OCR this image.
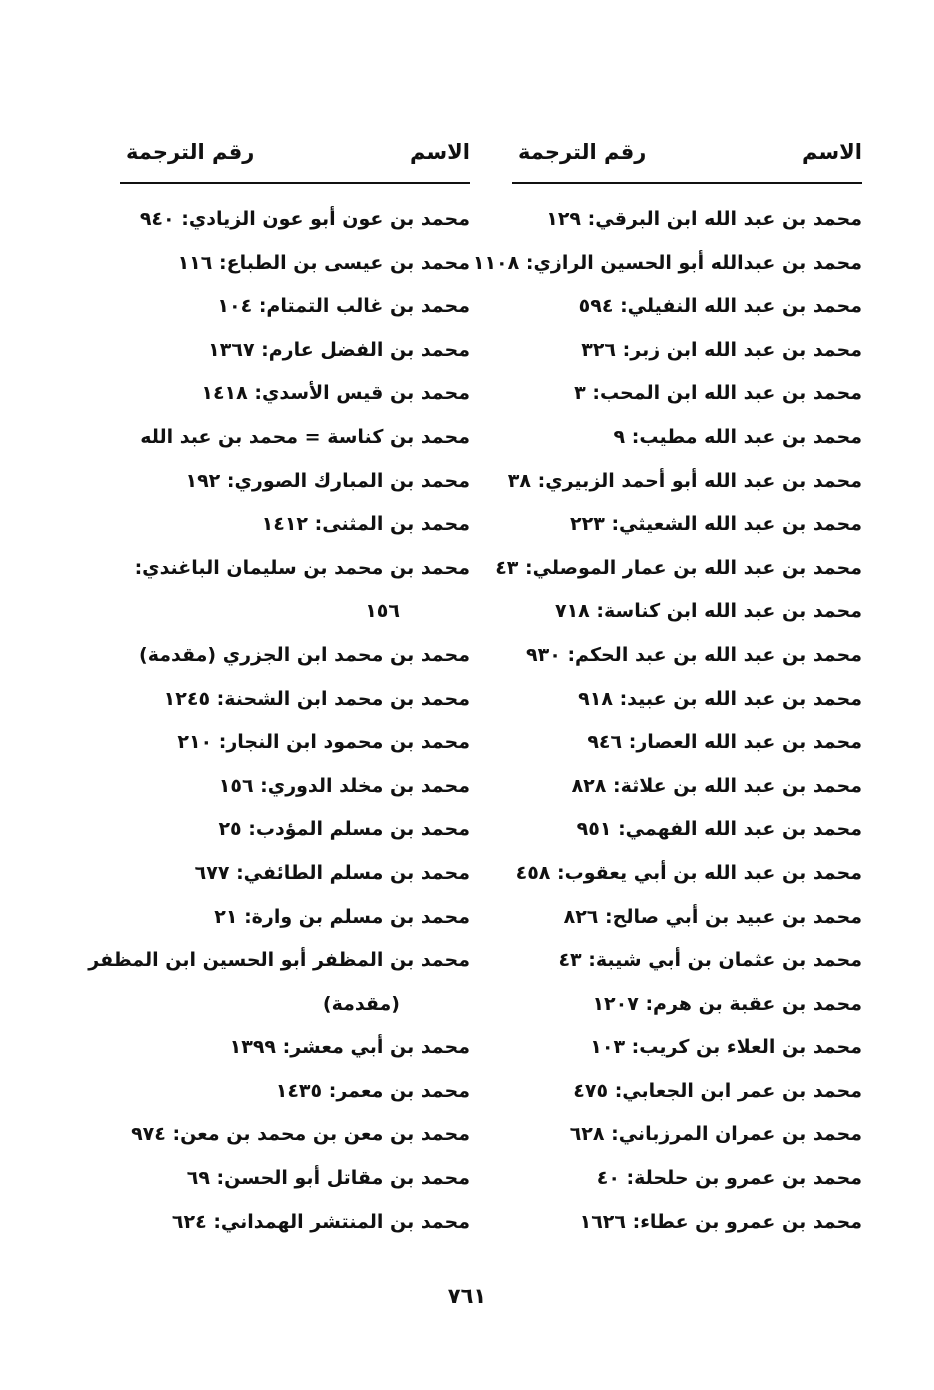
الاسم
رقم الترجمة
محمد بن عبد الله ابن البرقي: ١٢٩
محمد بن عبدالله أبو الحسين الرازي: ١١٠٨
محمد بن عبد الله النفيلي: ٥٩٤
محمد بن عبد الله ابن زبر: ٣٢٦
محمد بن عبد الله ابن المحب: ٣
محمد بن عبد الله مطيب: ٩
محمد بن عبد الله أبو أحمد الزبيري: ٣٨
محمد بن عبد الله الشعيثي: ٢٢٣
محمد بن عبد الله بن عمار الموصلي: ٤٣
محمد بن عبد الله ابن كناسة: ٧١٨
محمد بن عبد الله بن عبد الحكم: ٩٣٠
محمد بن عبد الله بن عبيد: ٩١٨
محمد بن عبد الله العصار: ٩٤٦
محمد بن عبد الله بن علاثة: ٨٢٨
محمد بن عبد الله الفهمي: ٩٥١
محمد بن عبد الله بن أبي يعقوب: ٤٥٨
محمد بن عبيد بن أبي صالح: ٨٢٦
محمد بن عثمان بن أبي شيبة: ٤٣
محمد بن عقبة بن هرم: ١٢٠٧
محمد بن العلاء بن كريب: ١٠٣
محمد بن عمر ابن الجعابي: ٤٧٥
محمد بن عمران المرزباني: ٦٢٨
محمد بن عمرو بن حلحلة: ٤٠
محمد بن عمرو بن عطاء: ١٦٢٦
الاسم
رقم الترجمة
محمد بن عون أبو عون الزيادي: ٩٤٠
محمد بن عيسى بن الطباع: ١١٦
محمد بن غالب التمتام: ١٠٤
محمد بن الفضل عارم: ١٣٦٧
محمد بن قيس الأسدي: ١٤١٨
محمد بن كناسة = محمد بن عبد الله
محمد بن المبارك الصوري: ١٩٢
محمد بن المثنى: ١٤١٢
محمد بن محمد بن سليمان الباغندي:
١٥٦
محمد بن محمد ابن الجزري (مقدمة)
محمد بن محمد ابن الشحنة: ١٢٤٥
محمد بن محمود ابن النجار: ٢١٠
محمد بن مخلد الدوري: ١٥٦
محمد بن مسلم المؤدب: ٢٥
محمد بن مسلم الطائفي: ٦٧٧
محمد بن مسلم بن وارة: ٢١
محمد بن المظفر أبو الحسين ابن المظفر
(مقدمة)
محمد بن أبي معشر: ١٣٩٩
محمد بن معمر: ١٤٣٥
محمد بن معن بن محمد بن معن: ٩٧٤
محمد بن مقاتل أبو الحسن: ٦٩
محمد بن المنتشر الهمداني: ٦٢٤
٧٦١
